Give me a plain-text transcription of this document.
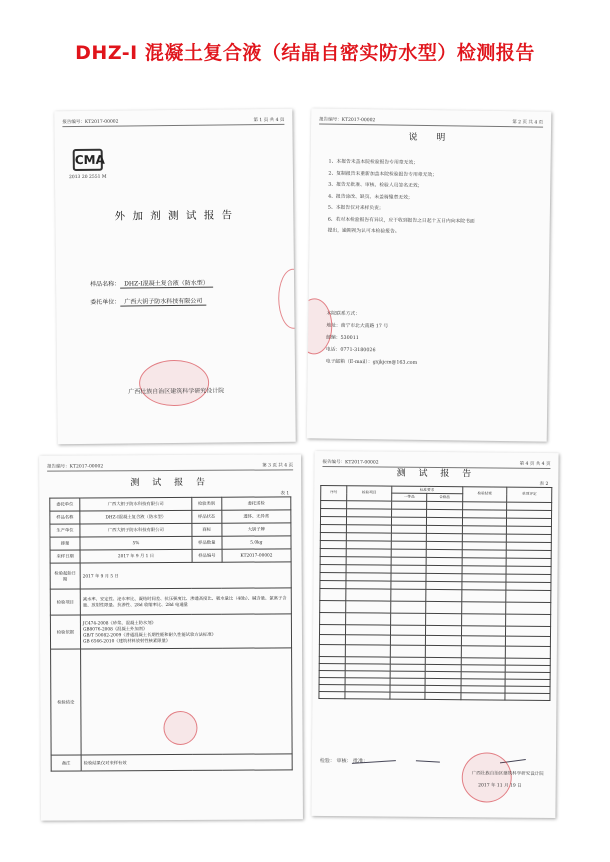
DHZ-I 混凝土复合液（结晶自密实防水型）检测报告
报告编号：KT2017-00002	第 1 页 共 4 页
CMA
2013 20 2551 M
外 加 剂 测 试 报 告
样品名称： DHZ-Ⅰ混凝土复合液（防水型）
委托单位： 广西大钥子防水科技有限公司
广西壮族自治区建筑科学研究设计院
报告编号：KT2017-00002	第 2 页 共 4 页
说 明
1、本报告未盖本院检验报告专用章无效；
2、复制报告未重新加盖本院检验报告专用章无效；
3、报告无批准、审核、检验人员签名无效；
4、报告涂改、缺页、未盖骑缝章无效；
5、本报告仅对来样负责；
6、若对本检验报告有异议，应于收到报告之日起十五日内向本院书面
提出，逾期视为认可本检验报告。
本院联系方式：
地址：南宁市北大南路 17 号
邮编：530011
电话：0771-3180026
电子邮箱（E-mail）：gxjkjcm@163.com
报告编号：KT2017-00002	第 3 页 共 4 页
测 试 报 告
表 1
委托单位	广西大钥子防水科技有限公司	检验类别	委托送检
样品名称	DHZ-Ⅰ混凝土复合液（防水型）	样品状态	透体、无异常
生产单位	广西大钥子防水科技有限公司	商标	大钥子牌
掺量	5%	样品数量	5.0kg
来样日期	2017 年 9 月 1 日	样品编号	KT2017-00002
检验起始日期	2017 年 9 月 5 日		
检验项目	减水率、安定性、泌水率比、凝结时间差、抗压强度比、渗透高度比、吸水量比（48h）、碱含量、氯离子含量、放射性限量、抗渗性、28d 收缩率比、28d 电通量		
检验依据	JC474-2008《砂浆、混凝土防水剂》
GB8076-2008《混凝土外加剂》
GB/T 50082-2009《普通混凝土长期性能和耐久性能试验方法标准》
GB 6566-2010《建筑材料放射性核素限量》		

检验结论			

备注	检验结果仅对来样有效		
报告编号：KT2017-00002	第 4 页 共 4 页
测 试 报 告
表 2
序号	检验项目	标准要求		检验结果	单项评定
		一等品	合格品		

检验： 审核： 批准：
广西壮族自治区建筑科学研究设计院
2017 年 11 月 19 日
